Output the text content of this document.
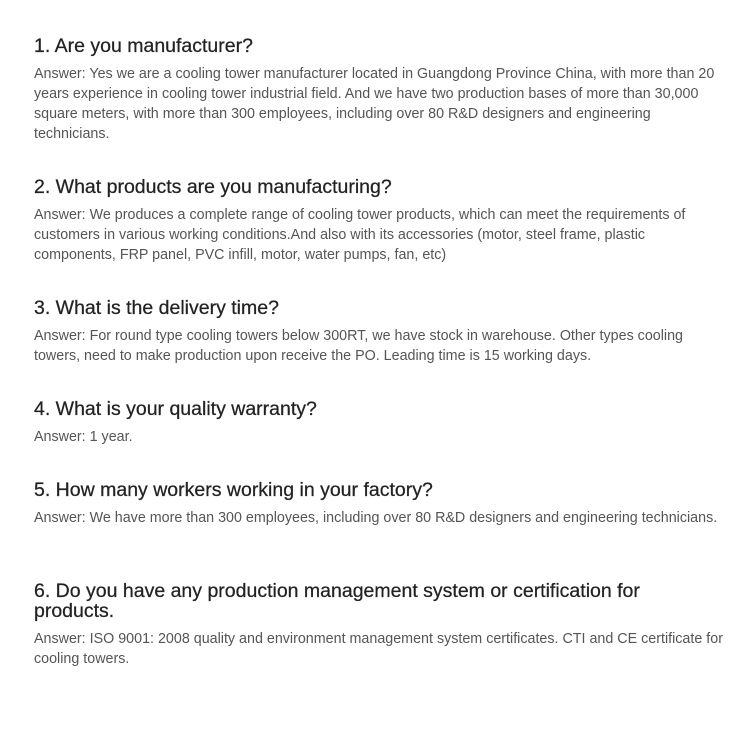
1. Are you manufacturer?

Answer: Yes we are a cooling tower manufacturer located in Guangdong Province China, with more than 20 years experience in cooling tower industrial field. And we have two production bases of more than 30,000 square meters, with more than 300 employees, including over 80 R&D designers and engineering technicians.

2. What products are you manufacturing?

Answer: We produces a complete range of cooling tower products, which can meet the requirements of customers in various working conditions.And also with its accessories (motor, steel frame, plastic components, FRP panel, PVC infill, motor, water pumps, fan, etc)

3. What is the delivery time?

Answer: For round type cooling towers below 300RT, we have stock in warehouse. Other types cooling towers, need to make production upon receive the PO. Leading time is 15 working days.

4. What is your quality warranty?

Answer: 1 year.

5. How many workers working in your factory?

Answer: We have more than 300 employees, including over 80 R&D designers and engineering technicians.

6. Do you have any production management system or certification for products.

Answer: ISO 9001: 2008 quality and environment management system certificates. CTI and CE certificate for cooling towers.
